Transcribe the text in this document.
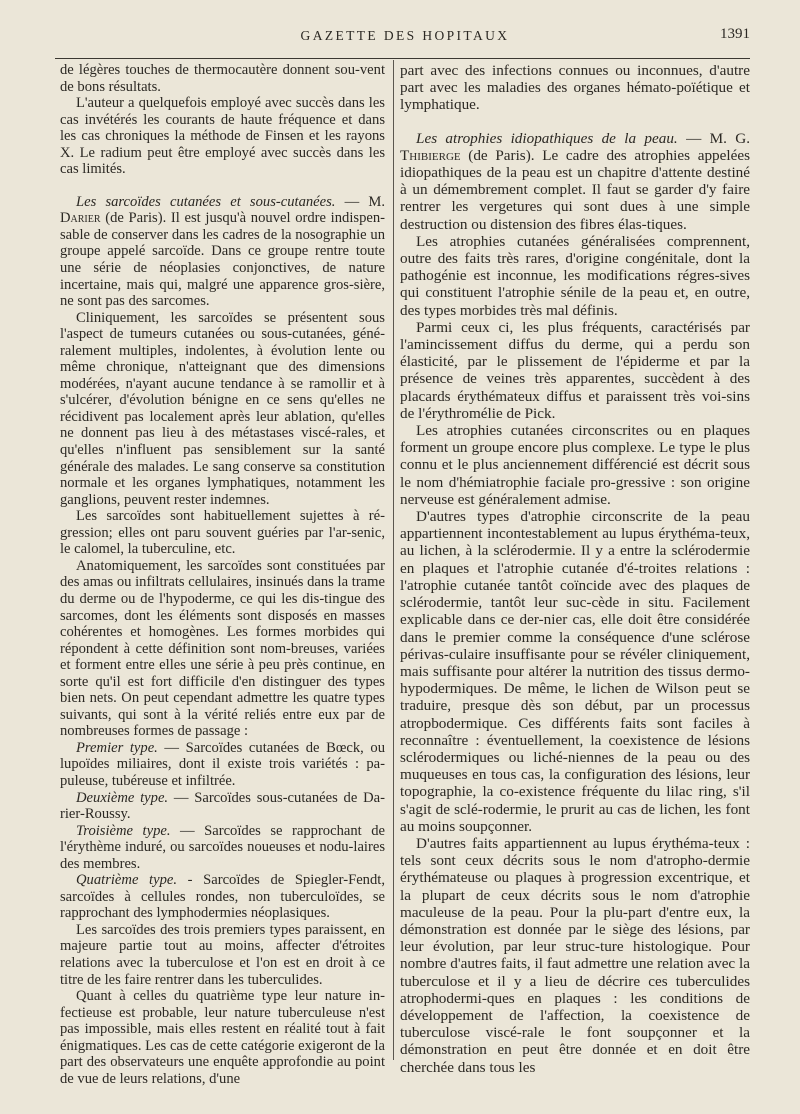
GAZETTE DES HOPITAUX	1391

de légères touches de thermocautère donnent sou-vent de bons résultats.

L'auteur a quelquefois employé avec succès dans les cas invétérés les courants de haute fréquence et dans les cas chroniques la méthode de Finsen et les rayons X. Le radium peut être employé avec succès dans les cas limités.

Les sarcoïdes cutanées et sous-cutanées. — M. Darier (de Paris). Il est jusqu'à nouvel ordre indispen-sable de conserver dans les cadres de la nosographie un groupe appelé sarcoïde. Dans ce groupe rentre toute une série de néoplasies conjonctives, de nature incertaine, mais qui, malgré une apparence gros-sière, ne sont pas des sarcomes.

Cliniquement, les sarcoïdes se présentent sous l'aspect de tumeurs cutanées ou sous-cutanées, géné-ralement multiples, indolentes, à évolution lente ou même chronique, n'atteignant que des dimensions modérées, n'ayant aucune tendance à se ramollir et à s'ulcérer, d'évolution bénigne en ce sens qu'elles ne récidivent pas localement après leur ablation, qu'elles ne donnent pas lieu à des métastases viscé-rales, et qu'elles n'influent pas sensiblement sur la santé générale des malades. Le sang conserve sa constitution normale et les organes lymphatiques, notamment les ganglions, peuvent rester indemnes.

Les sarcoïdes sont habituellement sujettes à ré-gression; elles ont paru souvent guéries par l'ar-senic, le calomel, la tuberculine, etc.

Anatomiquement, les sarcoïdes sont constituées par des amas ou infiltrats cellulaires, insinués dans la trame du derme ou de l'hypoderme, ce qui les dis-tingue des sarcomes, dont les éléments sont disposés en masses cohérentes et homogènes. Les formes morbides qui répondent à cette définition sont nom-breuses, variées et forment entre elles une série à peu près continue, en sorte qu'il est fort difficile d'en distinguer des types bien nets. On peut cependant admettre les quatre types suivants, qui sont à la vérité reliés entre eux par de nombreuses formes de passage :

Premier type. — Sarcoïdes cutanées de Bœck, ou lupoïdes miliaires, dont il existe trois variétés : pa-puleuse, tubéreuse et infiltrée.

Deuxième type. — Sarcoïdes sous-cutanées de Da-rier-Roussy.

Troisième type. — Sarcoïdes se rapprochant de l'érythème induré, ou sarcoïdes noueuses et nodu-laires des membres.

Quatrième type. - Sarcoïdes de Spiegler-Fendt, sarcoïdes à cellules rondes, non tuberculoïdes, se rapprochant des lymphodermies néoplasiques.

Les sarcoïdes des trois premiers types paraissent, en majeure partie tout au moins, affecter d'étroites relations avec la tuberculose et l'on est en droit à ce titre de les faire rentrer dans les tuberculides.

Quant à celles du quatrième type leur nature in-fectieuse est probable, leur nature tuberculeuse n'est pas impossible, mais elles restent en réalité tout à fait énigmatiques. Les cas de cette catégorie exigeront de la part des observateurs une enquête approfondie au point de vue de leurs relations, d'une

part avec des infections connues ou inconnues, d'autre part avec les maladies des organes hémato-poïétique et lymphatique.

Les atrophies idiopathiques de la peau. — M. G. Thibierge (de Paris). Le cadre des atrophies appelées idiopathiques de la peau est un chapitre d'attente destiné à un démembrement complet. Il faut se garder d'y faire rentrer les vergetures qui sont dues à une simple destruction ou distension des fibres élas-tiques.

Les atrophies cutanées généralisées comprennent, outre des faits très rares, d'origine congénitale, dont la pathogénie est inconnue, les modifications régres-sives qui constituent l'atrophie sénile de la peau et, en outre, des types morbides très mal définis.

Parmi ceux ci, les plus fréquents, caractérisés par l'amincissement diffus du derme, qui a perdu son élasticité, par le plissement de l'épiderme et par la présence de veines très apparentes, succèdent à des placards érythémateux diffus et paraissent très voi-sins de l'érythromélie de Pick.

Les atrophies cutanées circonscrites ou en plaques forment un groupe encore plus complexe. Le type le plus connu et le plus anciennement différencié est décrit sous le nom d'hémiatrophie faciale pro-gressive : son origine nerveuse est généralement admise.

D'autres types d'atrophie circonscrite de la peau appartiennent incontestablement au lupus érythéma-teux, au lichen, à la sclérodermie. Il y a entre la sclérodermie en plaques et l'atrophie cutanée d'é-troites relations : l'atrophie cutanée tantôt coïncide avec des plaques de sclérodermie, tantôt leur suc-cède in situ. Facilement explicable dans ce der-nier cas, elle doit être considérée dans le premier comme la conséquence d'une sclérose périvas-culaire insuffisante pour se révéler cliniquement, mais suffisante pour altérer la nutrition des tissus dermo-hypodermiques. De même, le lichen de Wilson peut se traduire, presque dès son début, par un processus atropbodermique. Ces différents faits sont faciles à reconnaître : éventuellement, la coexistence de lésions sclérodermiques ou liché-niennes de la peau ou des muqueuses en tous cas, la configuration des lésions, leur topographie, la co-existence fréquente du lilac ring, s'il s'agit de sclé-rodermie, le prurit au cas de lichen, les font au moins soupçonner.

D'autres faits appartiennent au lupus érythéma-teux : tels sont ceux décrits sous le nom d'atropho-dermie érythémateuse ou plaques à progression excentrique, et la plupart de ceux décrits sous le nom d'atrophie maculeuse de la peau. Pour la plu-part d'entre eux, la démonstration est donnée par le siège des lésions, par leur évolution, par leur struc-ture histologique. Pour nombre d'autres faits, il faut admettre une relation avec la tuberculose et il y a lieu de décrire ces tuberculides atrophodermi-ques en plaques : les conditions de développement de l'affection, la coexistence de tuberculose viscé-rale le font soupçonner et la démonstration en peut être donnée et en doit être cherchée dans tous les
